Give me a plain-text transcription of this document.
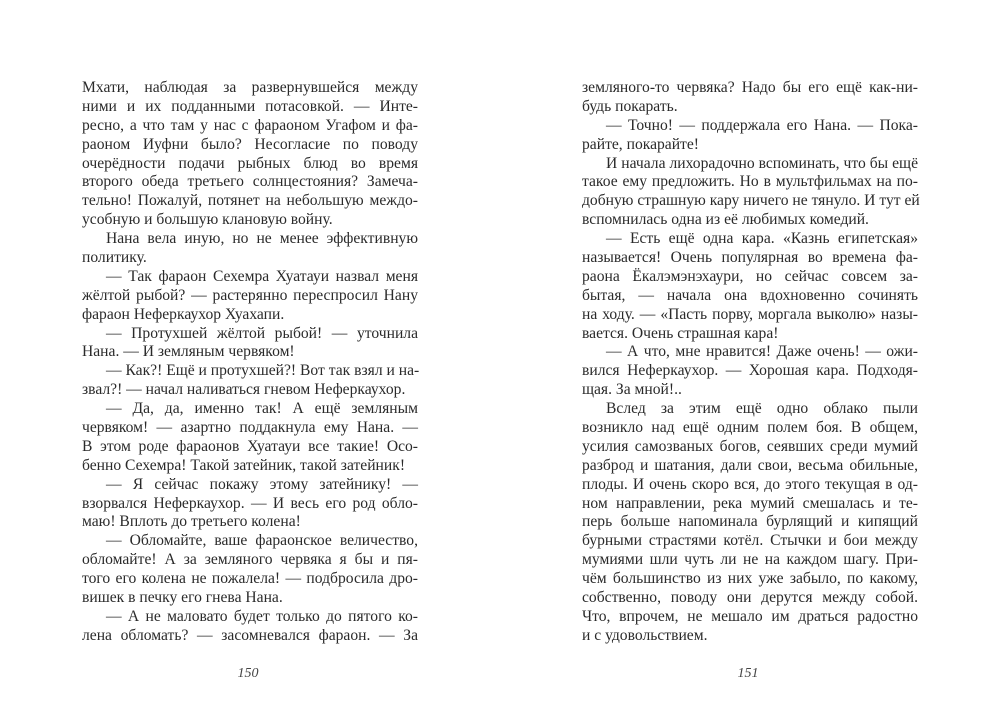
Мхати, наблюдая за развернувшейся между
ними и их подданными потасовкой. — Инте-
ресно, а что там у нас с фараоном Угафом и фа-
раоном Иуфни было? Несогласие по поводу
очерёдности подачи рыбных блюд во время
второго обеда третьего солнцестояния? Замеча-
тельно! Пожалуй, потянет на небольшую междо-
усобную и большую клановую войну.
Нана вела иную, но не менее эффективную
политику.
— Так фараон Сехемра Хуатауи назвал меня
жёлтой рыбой? — растерянно переспросил Нану
фараон Неферкаухор Хуахапи.
— Протухшей жёлтой рыбой! — уточнила
Нана. — И земляным червяком!
— Как?! Ещё и протухшей?! Вот так взял и на-
звал?! — начал наливаться гневом Неферкаухор.
— Да, да, именно так! А ещё земляным
червяком! — азартно поддакнула ему Нана. —
В этом роде фараонов Хуатауи все такие! Осо-
бенно Сехемра! Такой затейник, такой затейник!
— Я сейчас покажу этому затейнику! —
взорвался Неферкаухор. — И весь его род обло-
маю! Вплоть до третьего колена!
— Обломайте, ваше фараонское величество,
обломайте! А за земляного червяка я бы и пя-
того его колена не пожалела! — подбросила дро-
вишек в печку его гнева Нана.
— А не маловато будет только до пятого ко-
лена обломать? — засомневался фараон. — За
земляного-то червяка? Надо бы его ещё как-ни-
будь покарать.
— Точно! — поддержала его Нана. — Пока-
райте, покарайте!
И начала лихорадочно вспоминать, что бы ещё
такое ему предложить. Но в мультфильмах на по-
добную страшную кару ничего не тянуло. И тут ей
вспомнилась одна из её любимых комедий.
— Есть ещё одна кара. «Казнь египетская»
называется! Очень популярная во времена фа-
раона Ёкалэмэнэхаури, но сейчас совсем за-
бытая, — начала она вдохновенно сочинять
на ходу. — «Пасть порву, моргала выколю» назы-
вается. Очень страшная кара!
— А что, мне нравится! Даже очень! — ожи-
вился Неферкаухор. — Хорошая кара. Подходя-
щая. За мной!..
Вслед за этим ещё одно облако пыли
возникло над ещё одним полем боя. В общем,
усилия самозваных богов, сеявших среди мумий
разброд и шатания, дали свои, весьма обильные,
плоды. И очень скоро вся, до этого текущая в од-
ном направлении, река мумий смешалась и те-
перь больше напоминала бурлящий и кипящий
бурными страстями котёл. Стычки и бои между
мумиями шли чуть ли не на каждом шагу. При-
чём большинство из них уже забыло, по какому,
собственно, поводу они дерутся между собой.
Что, впрочем, не мешало им драться радостно
и с удовольствием.
150	151
